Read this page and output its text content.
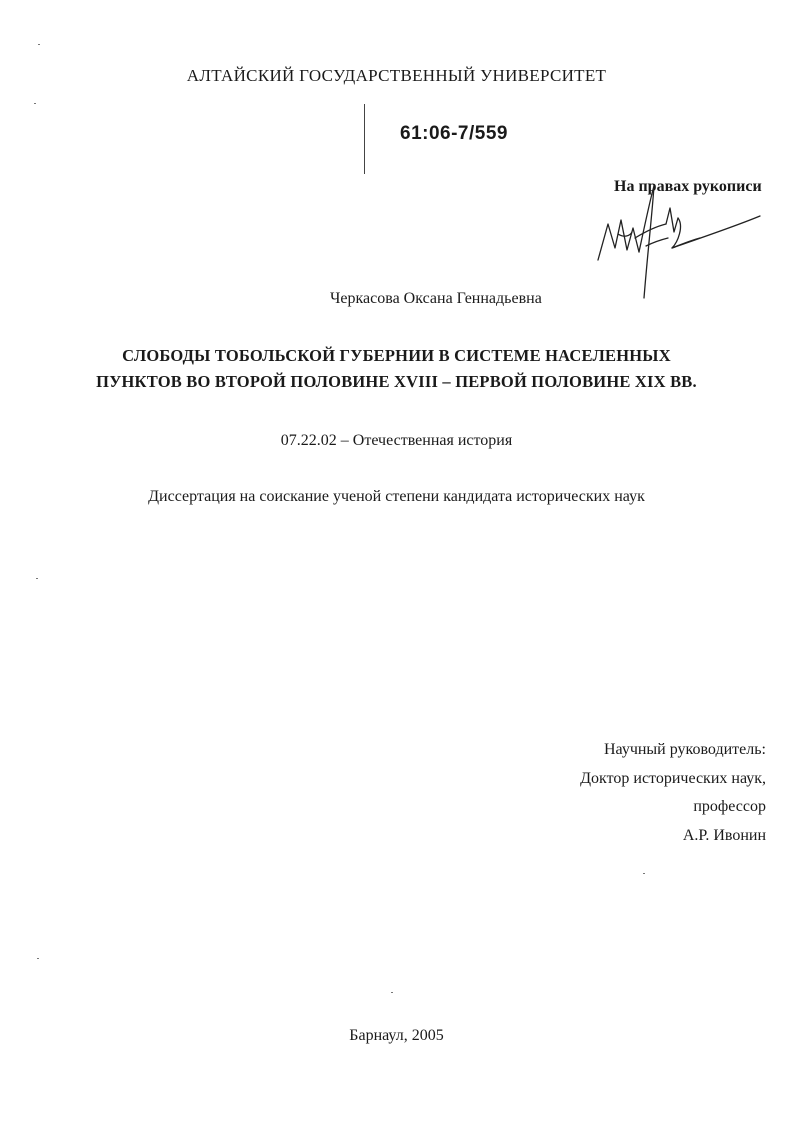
АЛТАЙСКИЙ ГОСУДАРСТВЕННЫЙ УНИВЕРСИТЕТ
61:06-7/559
На правах рукописи
Черкасова Оксана Геннадьевна
СЛОБОДЫ ТОБОЛЬСКОЙ ГУБЕРНИИ В СИСТЕМЕ НАСЕЛЕННЫХ
ПУНКТОВ ВО ВТОРОЙ ПОЛОВИНЕ XVIII – ПЕРВОЙ ПОЛОВИНЕ XIX ВВ.
07.22.02 – Отечественная история
Диссертация на соискание ученой степени кандидата исторических наук
Научный руководитель:
Доктор исторических наук,
профессор
А.Р. Ивонин
Барнаул, 2005
